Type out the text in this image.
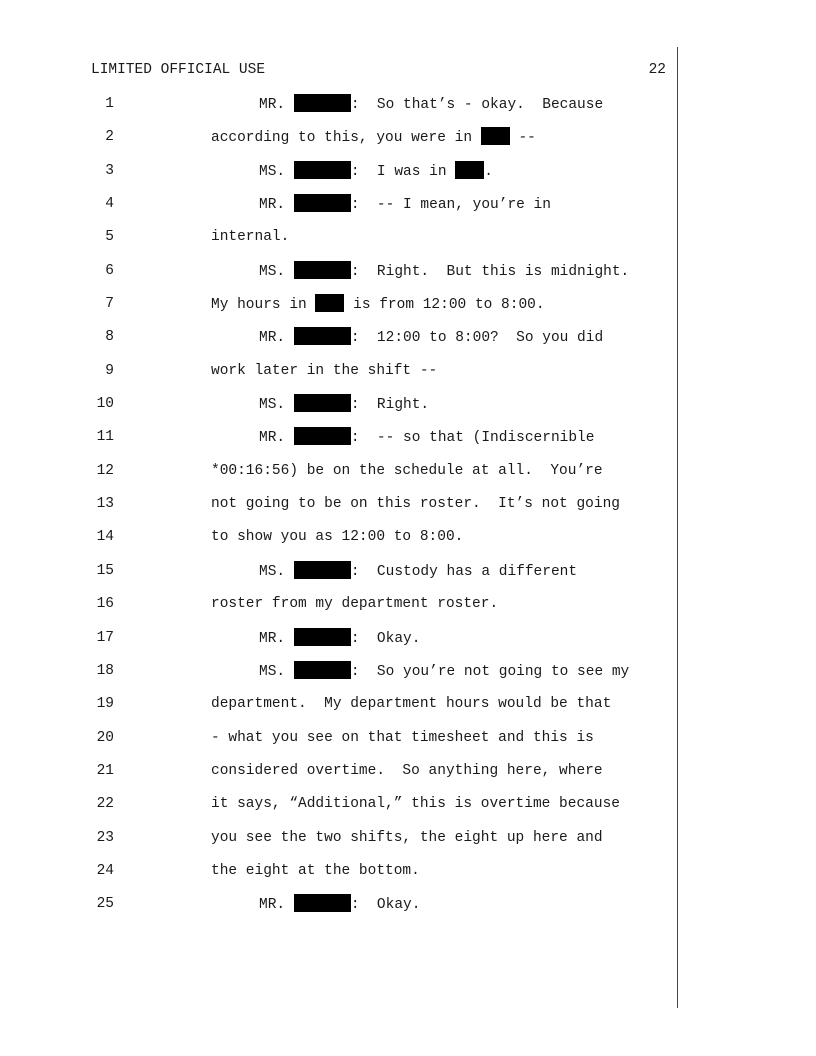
LIMITED OFFICIAL USE	22
1	MR.	:  So that’s - okay.  Because
2	according to this, you were in  --
3	MS.	:  I was in .
4	MR.	:  -- I mean, you’re in
5	internal.
6	MS.	:  Right.  But this is midnight.
7	My hours in  is from 12:00 to 8:00.
8	MR.	:  12:00 to 8:00?  So you did
9	work later in the shift --
10	MS.	:  Right.
11	MR.	:  -- so that (Indiscernible
12	*00:16:56) be on the schedule at all.  You’re
13	not going to be on this roster.  It’s not going
14	to show you as 12:00 to 8:00.
15	MS.	:  Custody has a different
16	roster from my department roster.
17	MR.	:  Okay.
18	MS.	:  So you’re not going to see my
19	department.  My department hours would be that
20	- what you see on that timesheet and this is
21	considered overtime.  So anything here, where
22	it says, “Additional,” this is overtime because
23	you see the two shifts, the eight up here and
24	the eight at the bottom.
25	MR.	:  Okay.
